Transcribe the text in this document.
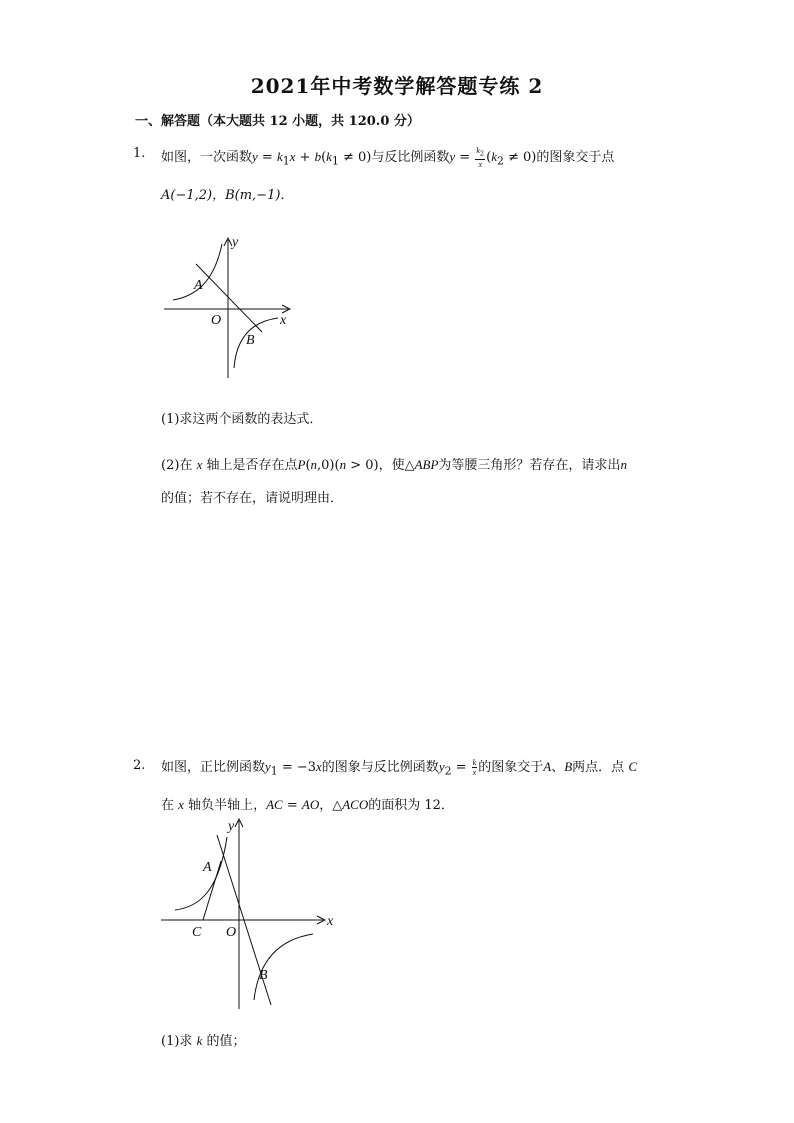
2021年中考数学解答题专练 2
一、解答题（本大题共 12 小题，共 120.0 分）
1. 如图，一次函数$y = k_1x + b(k_1 \ne 0)$与反比例函数$y = \frac{k_2}{x} (k_2 \ne 0)$的图象交于点
A(−1,2)，B(m,−1)．
y
x
O
A
B
(1)求这两个函数的表达式．
(2)在 x 轴上是否存在点P(n,0)(n > 0)，使△ABP为等腰三角形？若存在，请求出n
的值；若不存在，请说明理由．
2. 如图，正比例函数$y_1 = -3x$的图象与反比例函数$y_2 = \frac{k}{x}$ 的图象交于A、B两点．点 C
在 x 轴负半轴上，AC = AO，△ACO的面积为 12．
y
x
O
C
A
B
(1)求 k 的值；
